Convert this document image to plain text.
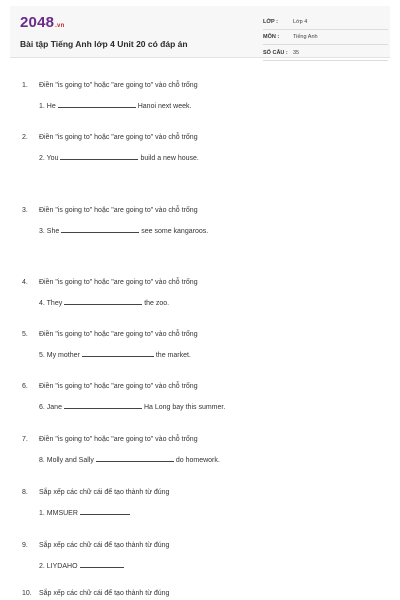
2048.vn
Bài tập Tiếng Anh lớp 4 Unit 20 có đáp án
LỚP :	Lớp 4
MÔN :	Tiếng Anh
SỐ CÂU : 35
1. Điền "is going to" hoặc "are going to" vào chỗ trống
1. He	Hanoi next week.
2. Điền "is going to" hoặc "are going to" vào chỗ trống
2. You	build a new house.
3. Điền "is going to" hoặc "are going to" vào chỗ trống
3. She	see some kangaroos.
4. Điền "is going to" hoặc "are going to" vào chỗ trống
4. They	the zoo.
5. Điền "is going to" hoặc "are going to" vào chỗ trống
5. My mother	the market.
6. Điền "is going to" hoặc "are going to" vào chỗ trống
6. Jane	Ha Long bay this summer.
7. Điền "is going to" hoặc "are going to" vào chỗ trống
8. Molly and Sally	do homework.
8. Sắp xếp các chữ cái để tạo thành từ đúng
1. MMSUER
9. Sắp xếp các chữ cái để tạo thành từ đúng
2. LIYDAHO
10. Sắp xếp các chữ cái để tạo thành từ đúng
